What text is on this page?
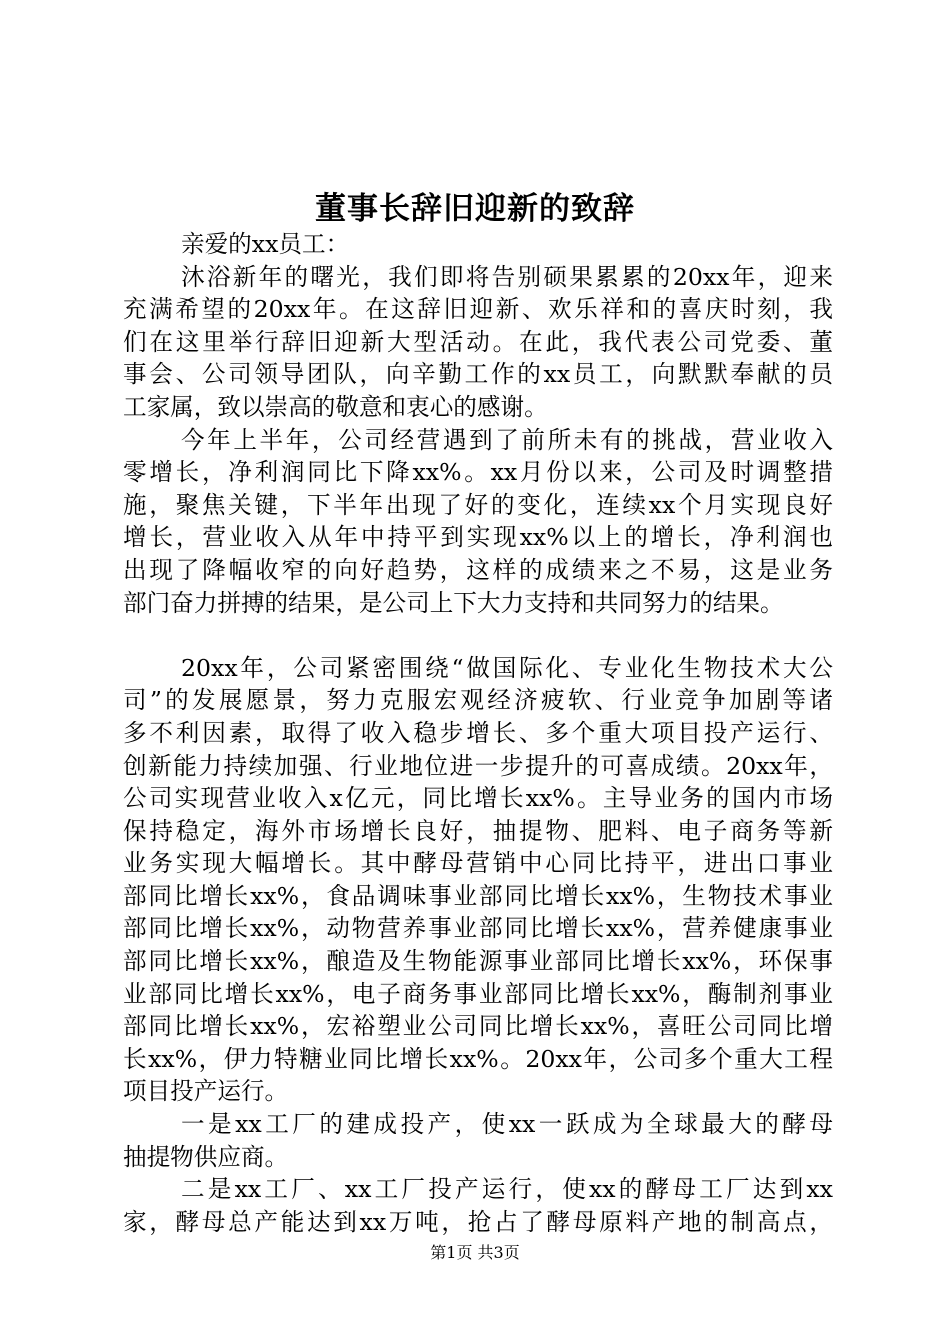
董事长辞旧迎新的致辞
亲爱的xx员工：
沐浴新年的曙光，我们即将告别硕果累累的20xx年，迎来
充满希望的20xx年。在这辞旧迎新、欢乐祥和的喜庆时刻，我
们在这里举行辞旧迎新大型活动。在此，我代表公司党委、董
事会、公司领导团队，向辛勤工作的xx员工，向默默奉献的员
工家属，致以崇高的敬意和衷心的感谢。
今年上半年，公司经营遇到了前所未有的挑战，营业收入
零增长，净利润同比下降xx%。xx月份以来，公司及时调整措
施，聚焦关键，下半年出现了好的变化，连续xx个月实现良好
增长，营业收入从年中持平到实现xx%以上的增长，净利润也
出现了降幅收窄的向好趋势，这样的成绩来之不易，这是业务
部门奋力拼搏的结果，是公司上下大力支持和共同努力的结果。
20xx年，公司紧密围绕“做国际化、专业化生物技术大公
司”的发展愿景，努力克服宏观经济疲软、行业竞争加剧等诸
多不利因素，取得了收入稳步增长、多个重大项目投产运行、
创新能力持续加强、行业地位进一步提升的可喜成绩。20xx年，
公司实现营业收入x亿元，同比增长xx%。主导业务的国内市场
保持稳定，海外市场增长良好，抽提物、肥料、电子商务等新
业务实现大幅增长。其中酵母营销中心同比持平，进出口事业
部同比增长xx%，食品调味事业部同比增长xx%，生物技术事业
部同比增长xx%，动物营养事业部同比增长xx%，营养健康事业
部同比增长xx%，酿造及生物能源事业部同比增长xx%，环保事
业部同比增长xx%，电子商务事业部同比增长xx%，酶制剂事业
部同比增长xx%，宏裕塑业公司同比增长xx%，喜旺公司同比增
长xx%，伊力特糖业同比增长xx%。20xx年，公司多个重大工程
项目投产运行。
一是xx工厂的建成投产，使xx一跃成为全球最大的酵母
抽提物供应商。
二是xx工厂、xx工厂投产运行，使xx的酵母工厂达到xx
家，酵母总产能达到xx万吨，抢占了酵母原料产地的制高点，
第1页 共3页
